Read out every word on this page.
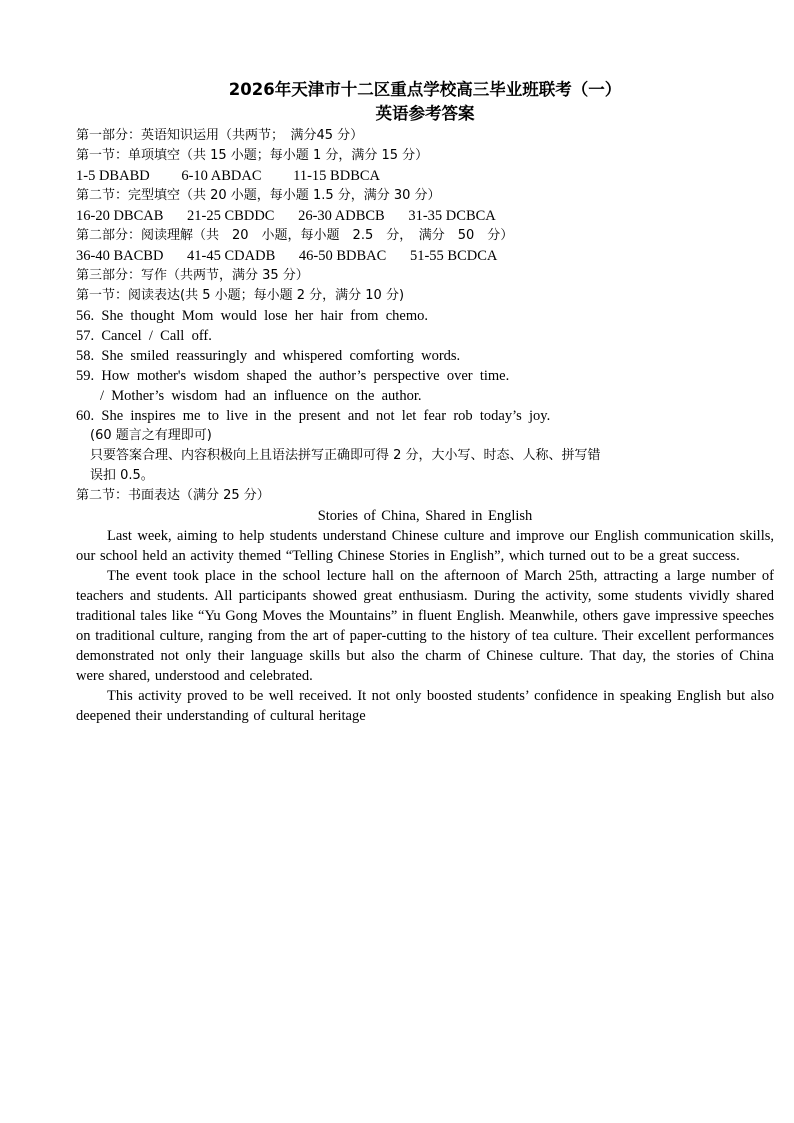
2026年天津市十二区重点学校高三毕业班联考（一）
英语参考答案
第一部分：英语知识运用（共两节；　满分45 分）
第一节：单项填空（共 15 小题；每小题 1 分，满分 15 分）
1-5 DBABD 6-10 ABDAC 11-15 BDBCA
第二节：完型填空（共 20 小题，每小题 1.5 分，满分 30 分）
16-20 DBCAB 21-25 CBDDC 26-30 ADBCB 31-35 DCBCA
第二部分：阅读理解（共　20　小题，每小题　2.5　分，　满分　50　分）
36-40 BACBD 41-45 CDADB 46-50 BDBAC 51-55 BCDCA
第三部分：写作（共两节，满分 35 分）
第一节：阅读表达(共 5 小题；每小题 2 分，满分 10 分)
56.  She  thought  Mom  would  lose  her  hair  from  chemo.
57.  Cancel  /  Call  off.
58.  She  smiled  reassuringly  and  whispered  comforting  words.
59.  How  mother's  wisdom  shaped  the  author’s  perspective  over  time.
/  Mother’s  wisdom  had  an  influence  on  the  author.
60.  She  inspires  me  to  live  in  the  present  and  not  let  fear  rob  today’s  joy.
(60 题言之有理即可)
只要答案合理、内容积极向上且语法拼写正确即可得 2 分，大小写、时态、人称、拼写错
误扣 0.5。
第二节：书面表达（满分 25 分）
Stories of China, Shared in English

Last week, aiming to help students understand Chinese culture and improve our English communication skills, our school held an activity themed “Telling Chinese Stories in English”, which turned out to be a great success.

The event took place in the school lecture hall on the afternoon of March 25th, attracting a large number of teachers and students. All participants showed great enthusiasm. During the activity, some students vividly shared traditional tales like “Yu Gong Moves the Mountains” in fluent English. Meanwhile, others gave impressive speeches on traditional culture, ranging from the art of paper-cutting to the history of tea culture. Their excellent performances demonstrated not only their language skills but also the charm of Chinese culture. That day, the stories of China were shared, understood and celebrated.

This activity proved to be well received. It not only boosted students’ confidence in speaking English but also deepened their understanding of cultural heritage
